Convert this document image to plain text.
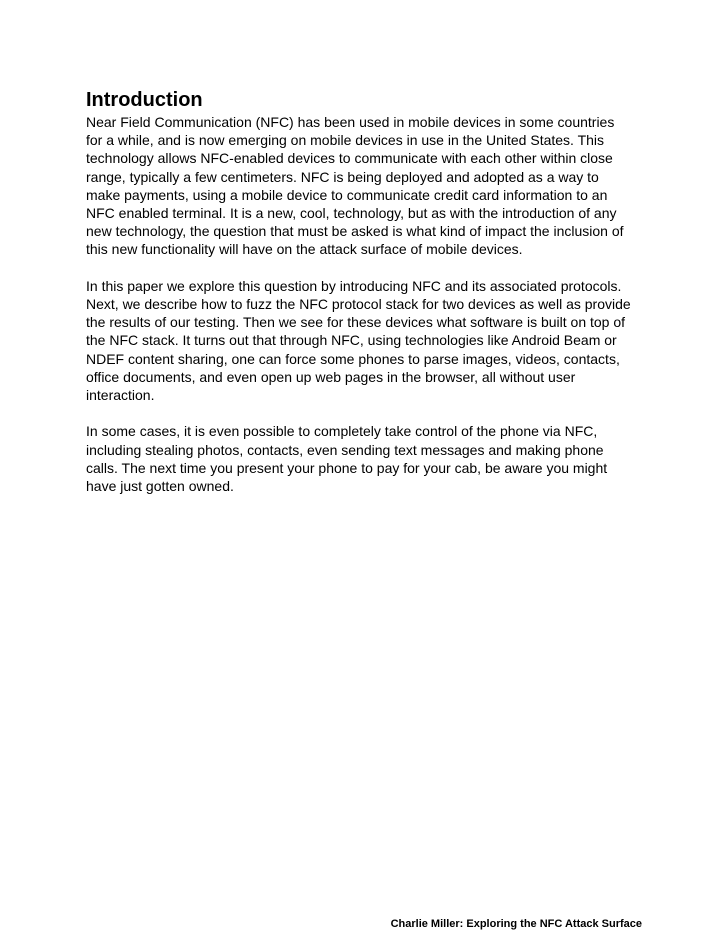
Introduction

Near Field Communication (NFC) has been used in mobile devices in some countries
for a while, and is now emerging on mobile devices in use in the United States. This
technology allows NFC-enabled devices to communicate with each other within close
range, typically a few centimeters. NFC is being deployed and adopted as a way to
make payments, using a mobile device to communicate credit card information to an
NFC enabled terminal. It is a new, cool, technology, but as with the introduction of any
new technology, the question that must be asked is what kind of impact the inclusion of
this new functionality will have on the attack surface of mobile devices.

In this paper we explore this question by introducing NFC and its associated protocols.
Next, we describe how to fuzz the NFC protocol stack for two devices as well as provide
the results of our testing. Then we see for these devices what software is built on top of
the NFC stack. It turns out that through NFC, using technologies like Android Beam or
NDEF content sharing, one can force some phones to parse images, videos, contacts,
office documents, and even open up web pages in the browser, all without user
interaction.

In some cases, it is even possible to completely take control of the phone via NFC,
including stealing photos, contacts, even sending text messages and making phone
calls. The next time you present your phone to pay for your cab, be aware you might
have just gotten owned.

Charlie Miller: Exploring the NFC Attack Surface
